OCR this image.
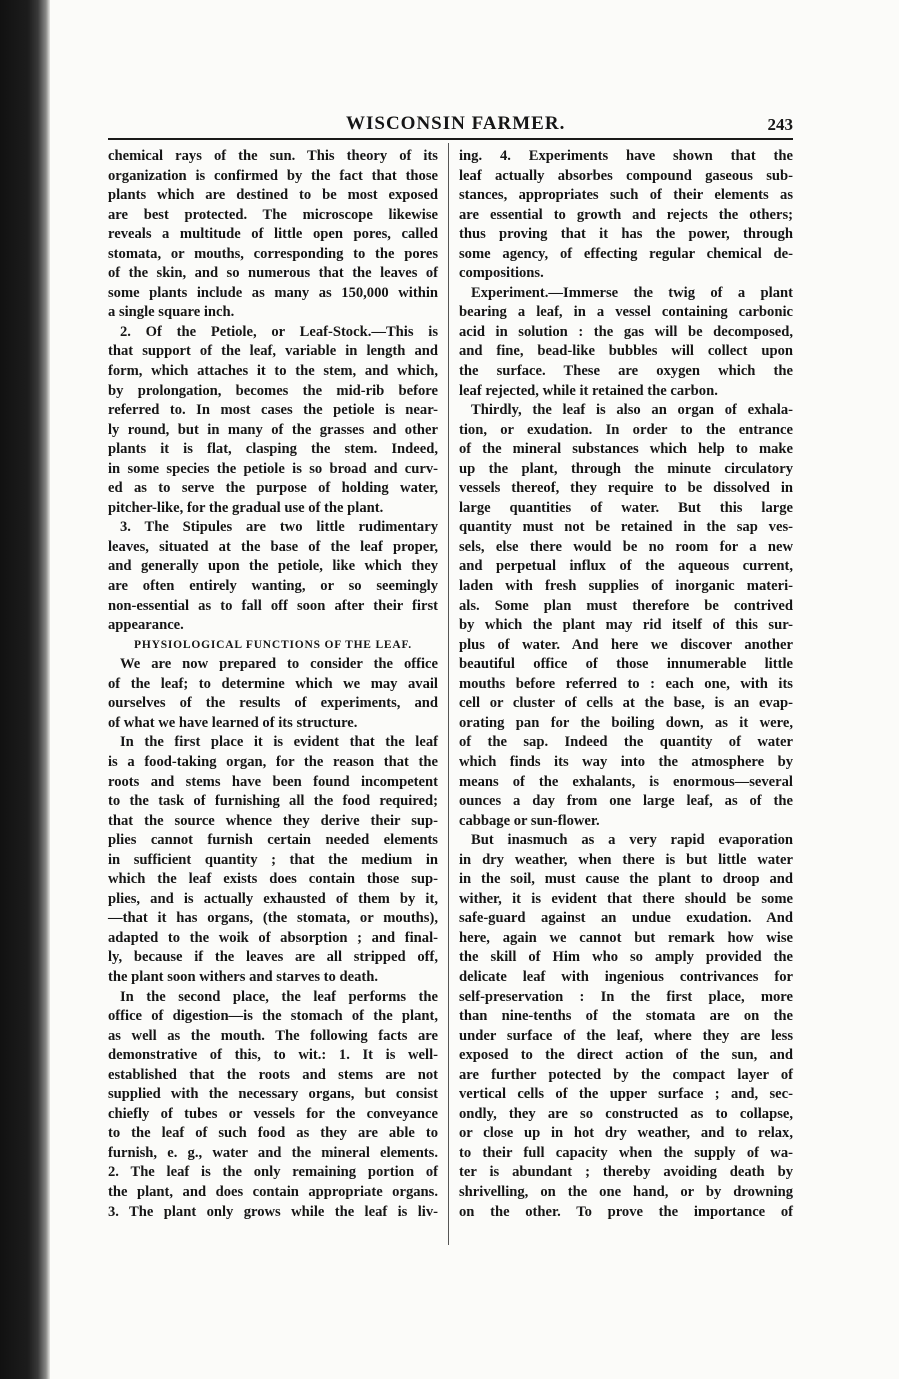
WISCONSIN FARMER.	243
chemical rays of the sun. This theory of its
organization is confirmed by the fact that those
plants which are destined to be most exposed
are best protected. The microscope likewise
reveals a multitude of little open pores, called
stomata, or mouths, corresponding to the pores
of the skin, and so numerous that the leaves of
some plants include as many as 150,000 within
a single square inch.
2. Of the Petiole, or Leaf-Stock.—This is
that support of the leaf, variable in length and
form, which attaches it to the stem, and which,
by prolongation, becomes the mid-rib before
referred to. In most cases the petiole is near-
ly round, but in many of the grasses and other
plants it is flat, clasping the stem. Indeed,
in some species the petiole is so broad and curv-
ed as to serve the purpose of holding water,
pitcher-like, for the gradual use of the plant.
3. The Stipules are two little rudimentary
leaves, situated at the base of the leaf proper,
and generally upon the petiole, like which they
are often entirely wanting, or so seemingly
non-essential as to fall off soon after their first
appearance.
PHYSIOLOGICAL FUNCTIONS OF THE LEAF.
We are now prepared to consider the office
of the leaf; to determine which we may avail
ourselves of the results of experiments, and
of what we have learned of its structure.
In the first place it is evident that the leaf
is a food-taking organ, for the reason that the
roots and stems have been found incompetent
to the task of furnishing all the food required;
that the source whence they derive their sup-
plies cannot furnish certain needed elements
in sufficient quantity ; that the medium in
which the leaf exists does contain those sup-
plies, and is actually exhausted of them by it,
—that it has organs, (the stomata, or mouths),
adapted to the woik of absorption ; and final-
ly, because if the leaves are all stripped off,
the plant soon withers and starves to death.
In the second place, the leaf performs the
office of digestion—is the stomach of the plant,
as well as the mouth. The following facts are
demonstrative of this, to wit.: 1. It is well-
established that the roots and stems are not
supplied with the necessary organs, but consist
chiefly of tubes or vessels for the conveyance
to the leaf of such food as they are able to
furnish, e. g., water and the mineral elements.
2. The leaf is the only remaining portion of
the plant, and does contain appropriate organs.
3. The plant only grows while the leaf is liv-
ing. 4. Experiments have shown that the
leaf actually absorbes compound gaseous sub-
stances, appropriates such of their elements as
are essential to growth and rejects the others;
thus proving that it has the power, through
some agency, of effecting regular chemical de-
compositions.
Experiment.—Immerse the twig of a plant
bearing a leaf, in a vessel containing carbonic
acid in solution : the gas will be decomposed,
and fine, bead-like bubbles will collect upon
the surface. These are oxygen which the
leaf rejected, while it retained the carbon.
Thirdly, the leaf is also an organ of exhala-
tion, or exudation. In order to the entrance
of the mineral substances which help to make
up the plant, through the minute circulatory
vessels thereof, they require to be dissolved in
large quantities of water. But this large
quantity must not be retained in the sap ves-
sels, else there would be no room for a new
and perpetual influx of the aqueous current,
laden with fresh supplies of inorganic materi-
als. Some plan must therefore be contrived
by which the plant may rid itself of this sur-
plus of water. And here we discover another
beautiful office of those innumerable little
mouths before referred to : each one, with its
cell or cluster of cells at the base, is an evap-
orating pan for the boiling down, as it were,
of the sap. Indeed the quantity of water
which finds its way into the atmosphere by
means of the exhalants, is enormous—several
ounces a day from one large leaf, as of the
cabbage or sun-flower.
But inasmuch as a very rapid evaporation
in dry weather, when there is but little water
in the soil, must cause the plant to droop and
wither, it is evident that there should be some
safe-guard against an undue exudation. And
here, again we cannot but remark how wise
the skill of Him who so amply provided the
delicate leaf with ingenious contrivances for
self-preservation : In the first place, more
than nine-tenths of the stomata are on the
under surface of the leaf, where they are less
exposed to the direct action of the sun, and
are further potected by the compact layer of
vertical cells of the upper surface ; and, sec-
ondly, they are so constructed as to collapse,
or close up in hot dry weather, and to relax,
to their full capacity when the supply of wa-
ter is abundant ; thereby avoiding death by
shrivelling, on the one hand, or by drowning
on the other. To prove the importance of
